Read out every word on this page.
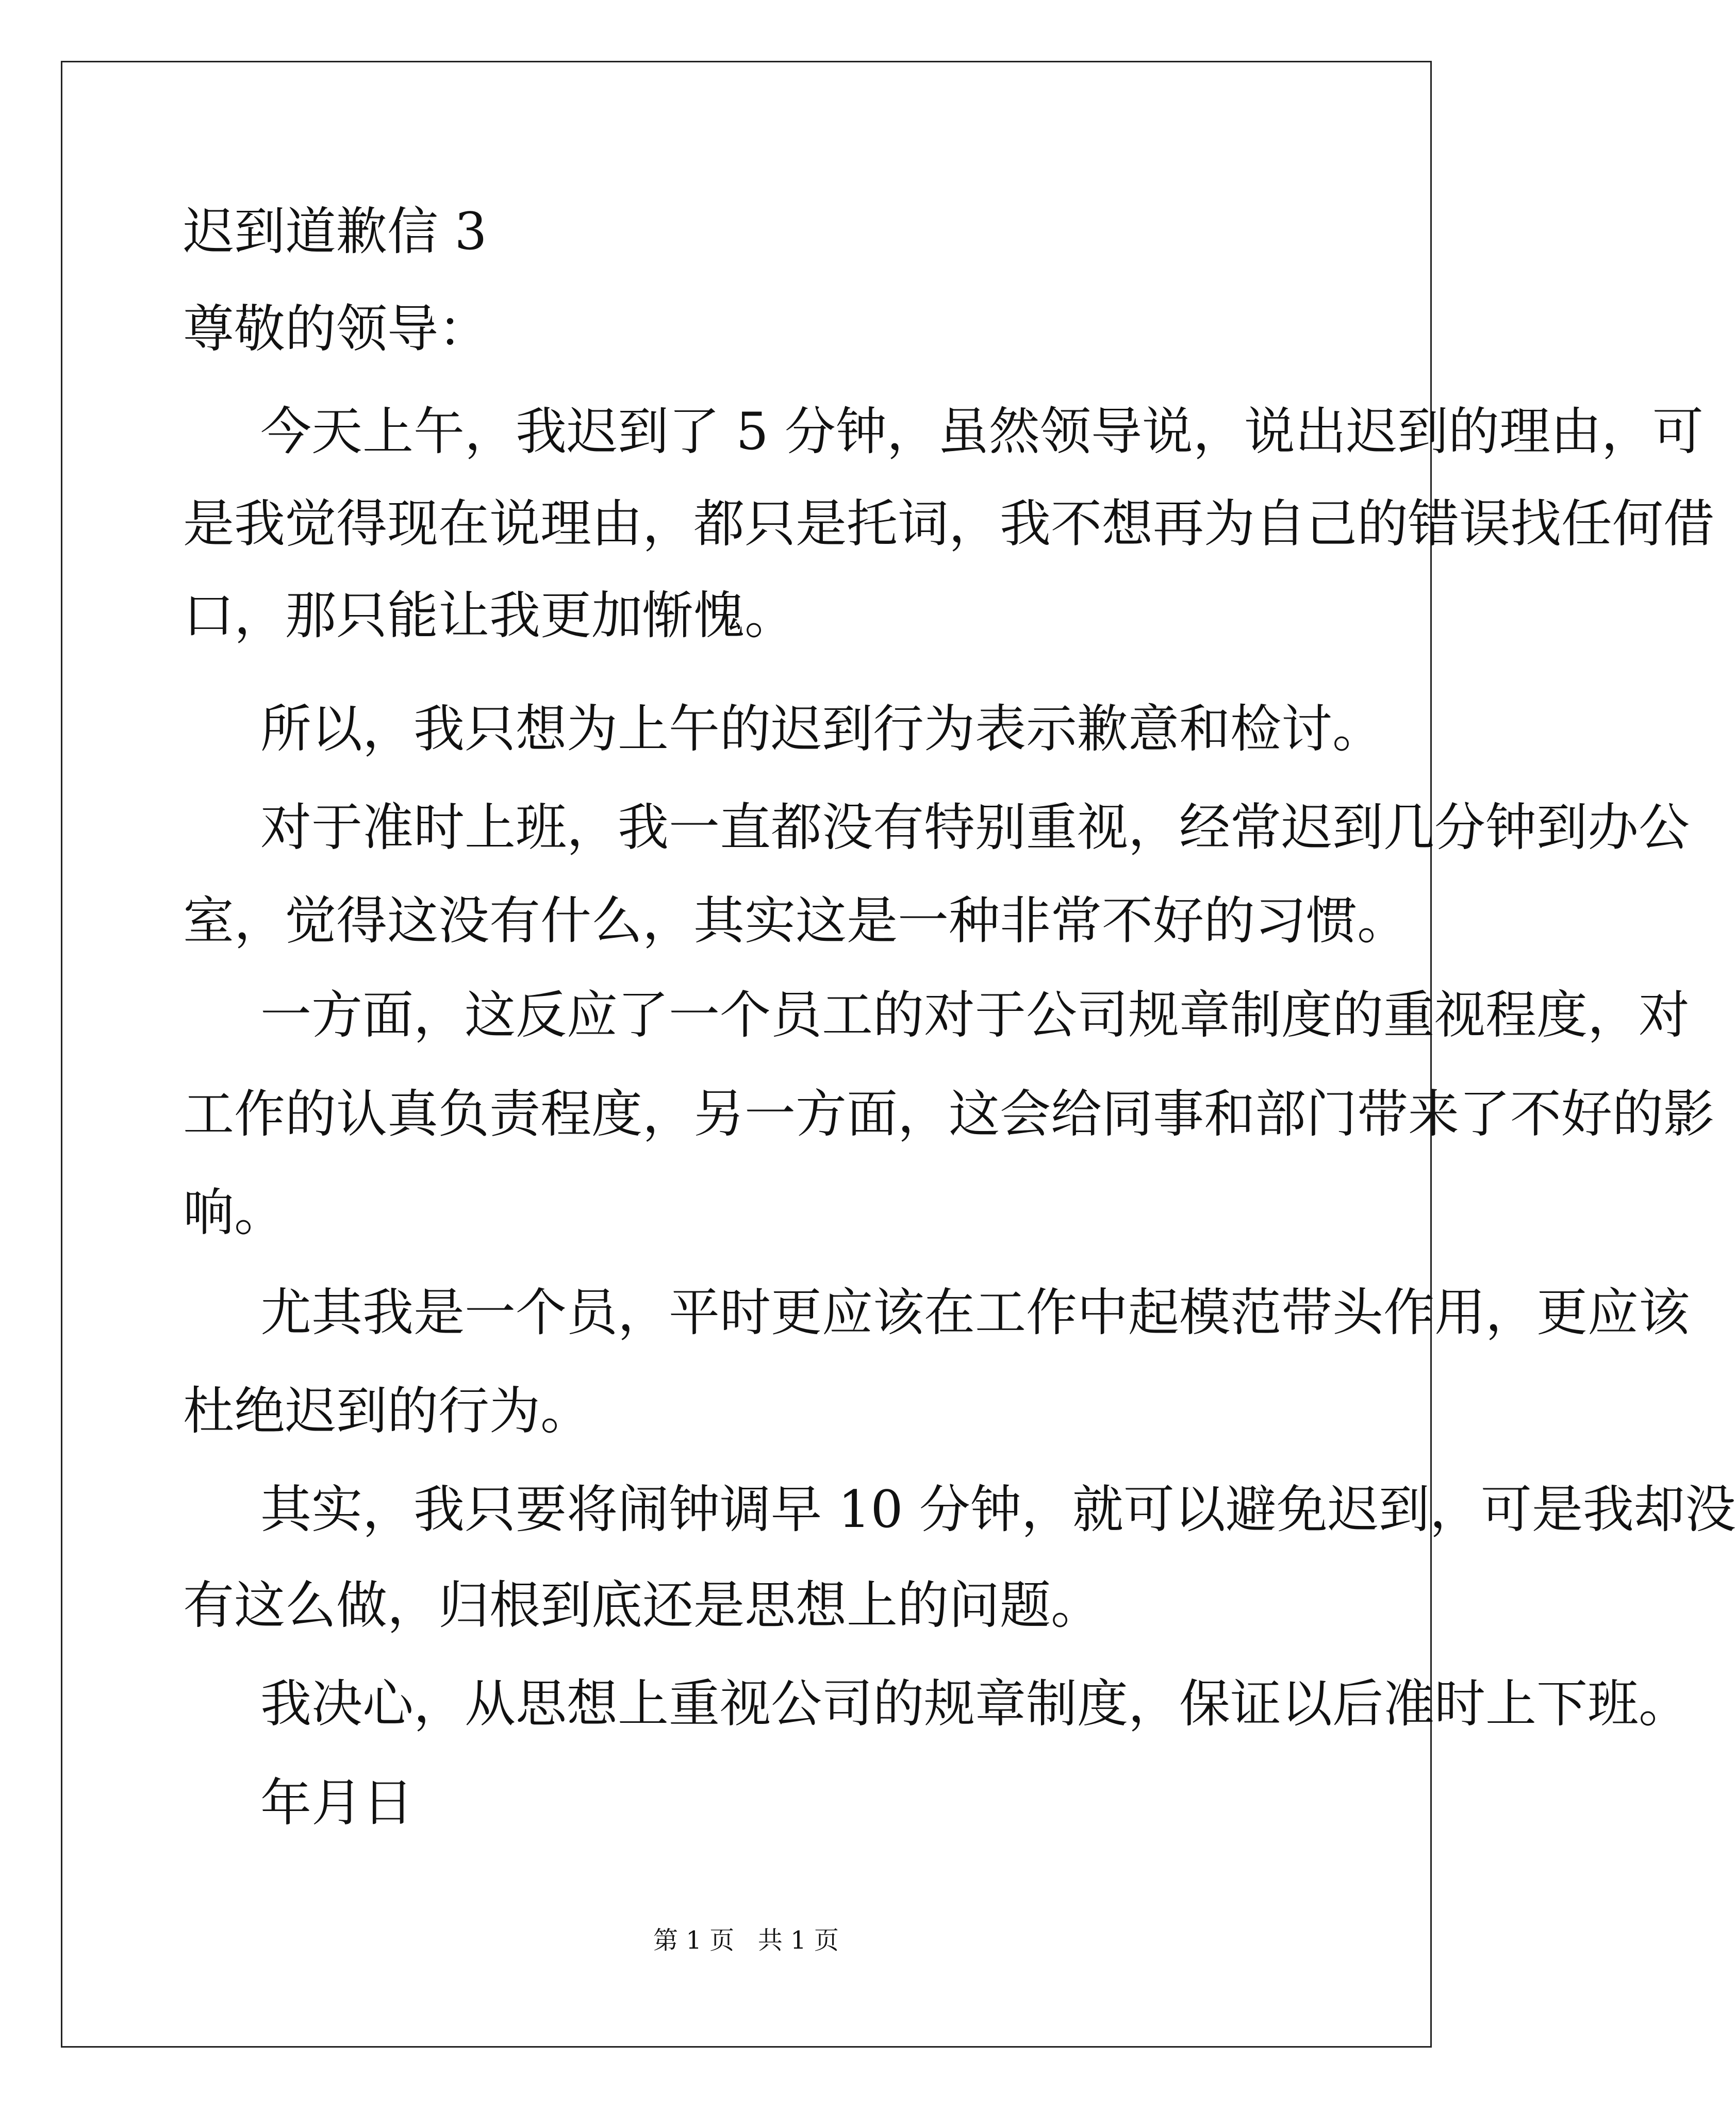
迟到道歉信 3
尊敬的领导：
今天上午，我迟到了 5 分钟，虽然领导说，说出迟到的理由，可
是我觉得现在说理由，都只是托词，我不想再为自己的错误找任何借
口，那只能让我更加惭愧。
所以，我只想为上午的迟到行为表示歉意和检讨。
对于准时上班，我一直都没有特别重视，经常迟到几分钟到办公
室，觉得这没有什么，其实这是一种非常不好的习惯。
一方面，这反应了一个员工的对于公司规章制度的重视程度，对
工作的认真负责程度，另一方面，这会给同事和部门带来了不好的影
响。
尤其我是一个员，平时更应该在工作中起模范带头作用，更应该
杜绝迟到的行为。
其实，我只要将闹钟调早 10 分钟，就可以避免迟到，可是我却没
有这么做，归根到底还是思想上的问题。
我决心，从思想上重视公司的规章制度，保证以后准时上下班。
年月日
第 1 页   共 1 页
